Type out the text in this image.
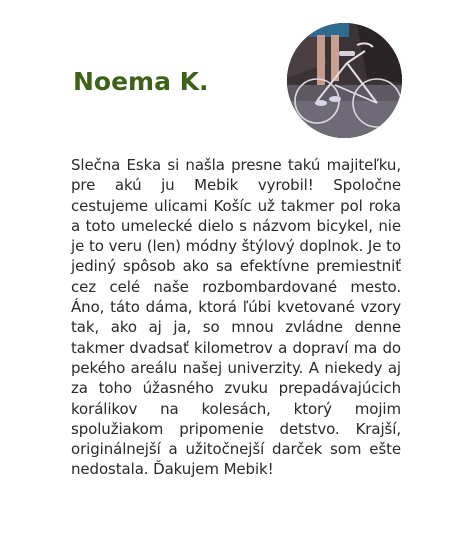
Noema K.

Slečna Eska si našla presne takú majiteľku, pre akú ju Mebik vyrobil! Spoločne cestujeme ulicami Košíc už takmer pol roka a toto umelecké dielo s názvom bicykel, nie je to veru (len) módny štýlový doplnok. Je to jediný spôsob ako sa efektívne premiestniť cez celé naše rozbombardované mesto. Áno, táto dáma, ktorá ľúbi kvetované vzory tak, ako aj ja, so mnou zvládne denne takmer dvadsať kilometrov a dopraví ma do pekého areálu našej univerzity. A niekedy aj za toho úžasného zvuku prepadávajúcich korálikov na kolesách, ktorý mojim spolužiakom pripomenie detstvo. Krajší, originálnejší a užitočnejší darček som ešte nedostala. Ďakujem Mebik!
